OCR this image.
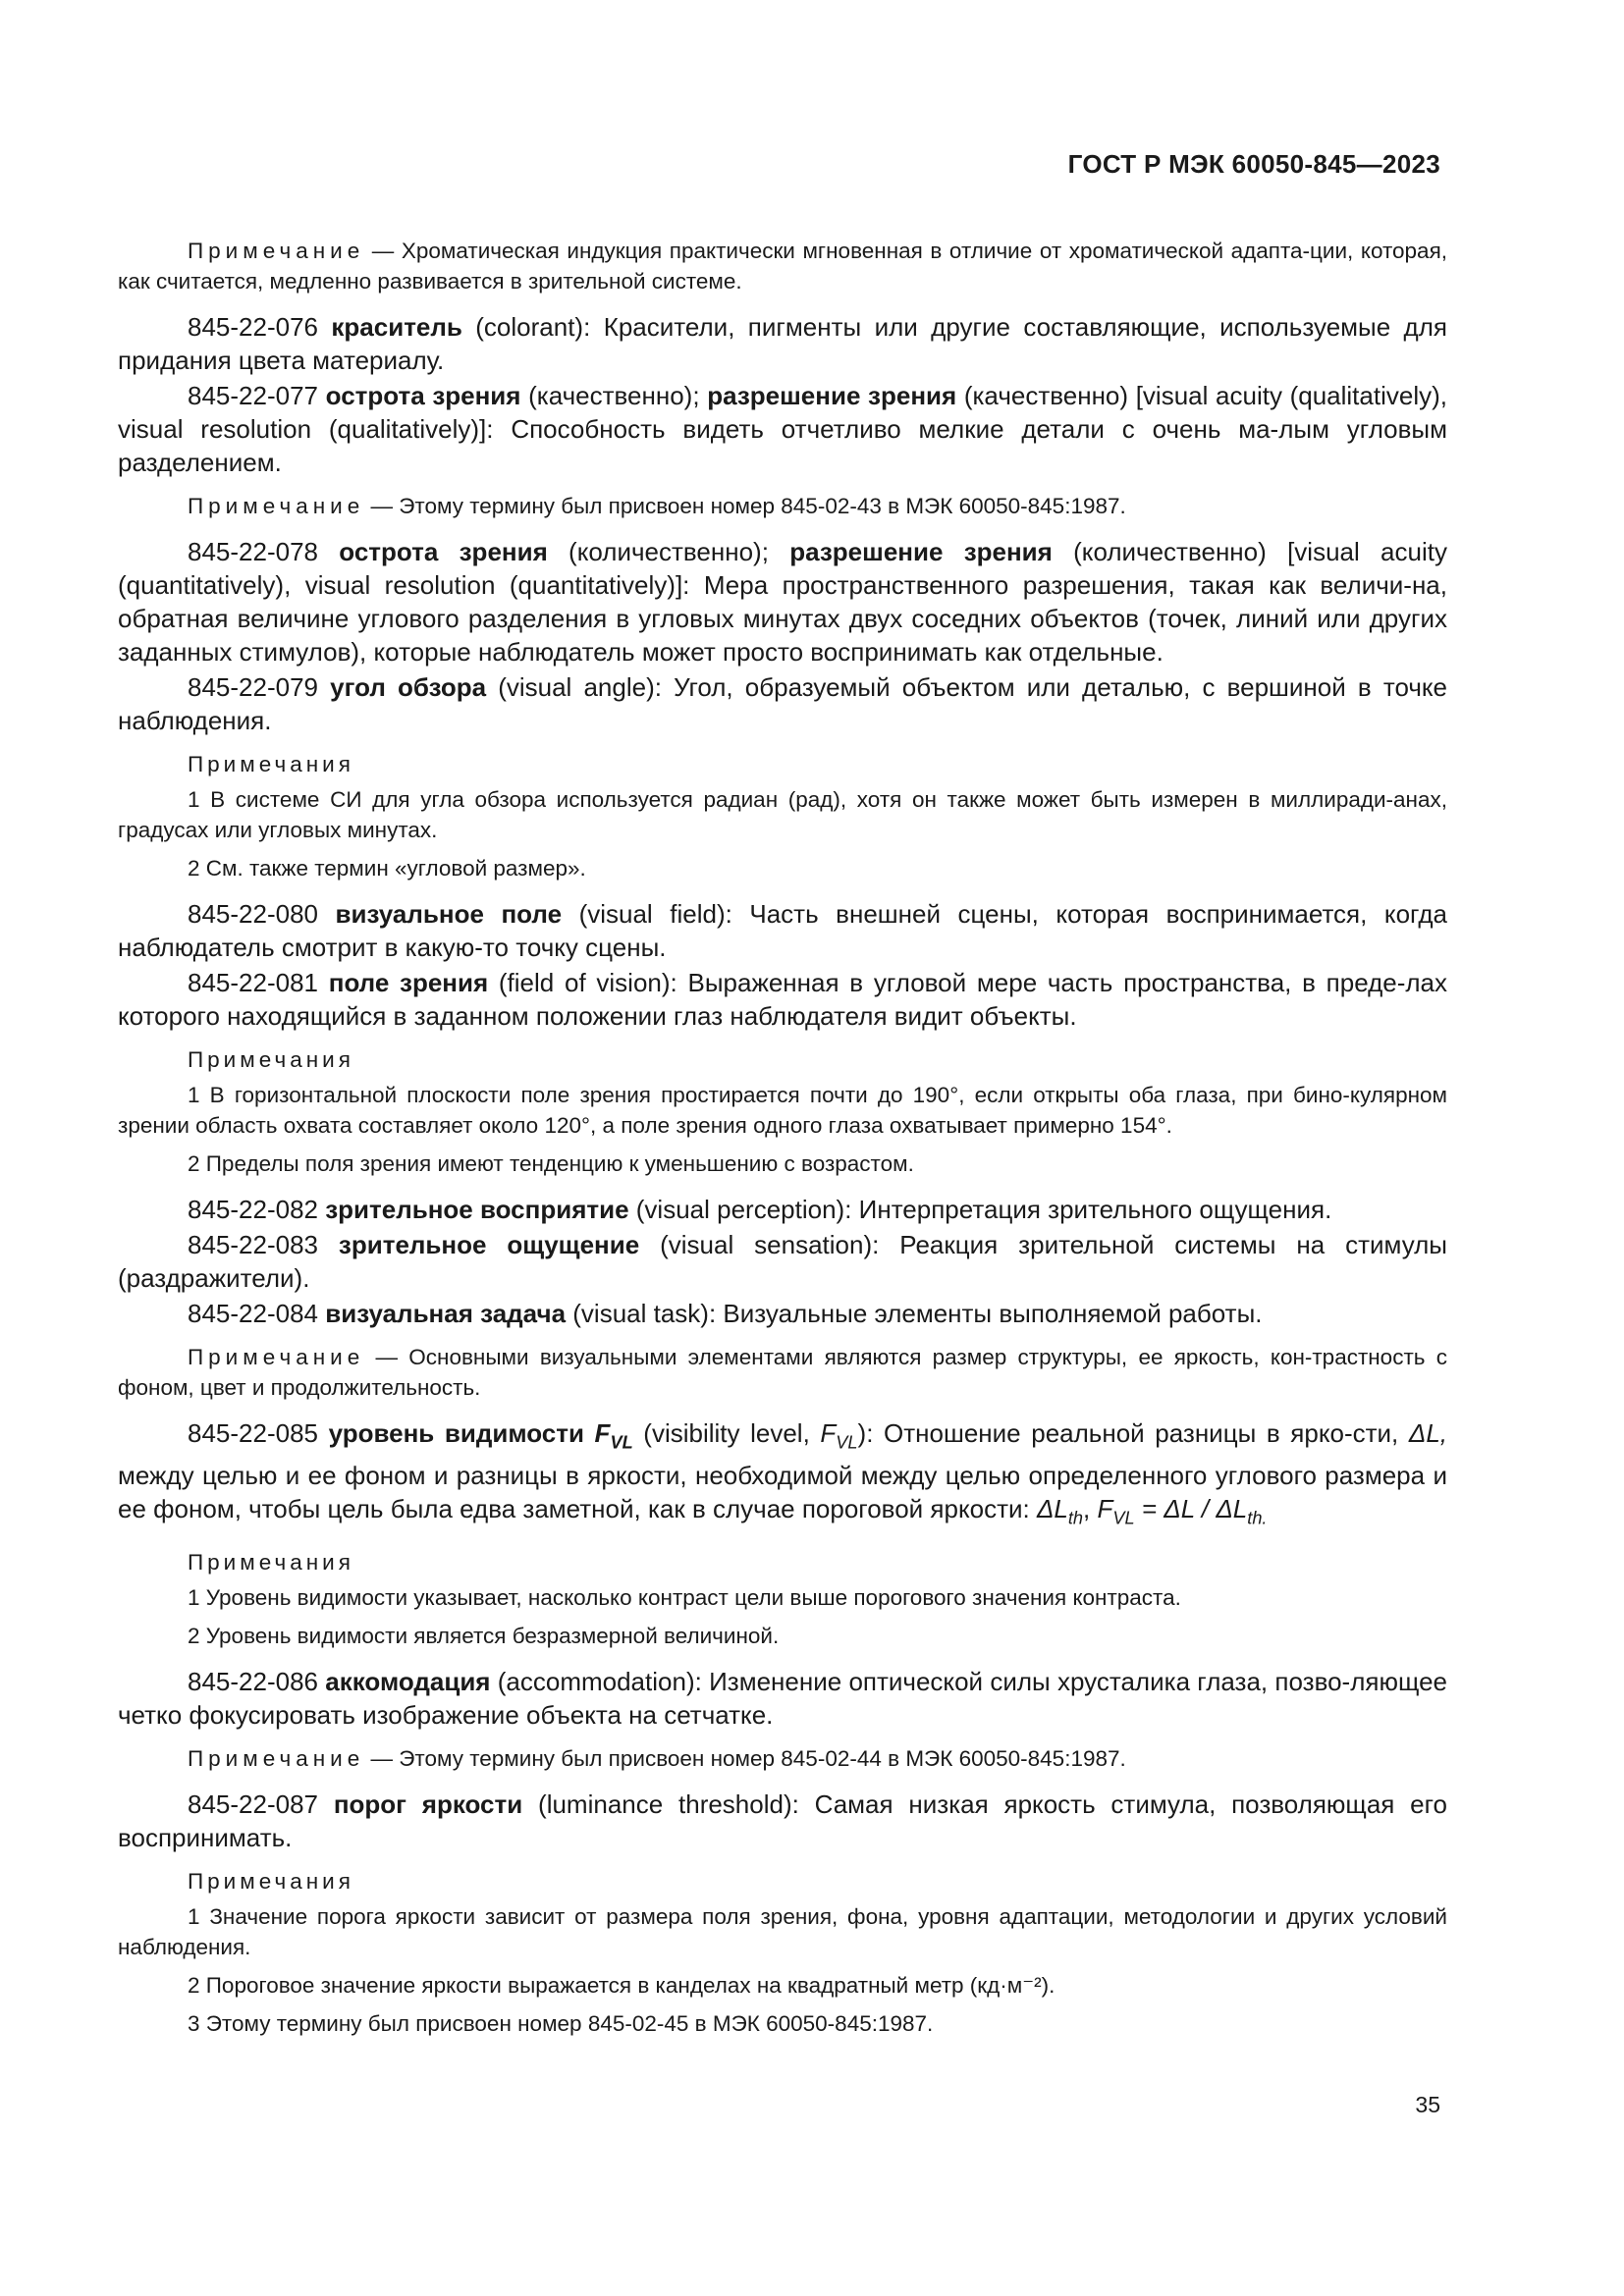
ГОСТ Р МЭК 60050-845—2023

Примечание — Хроматическая индукция практически мгновенная в отличие от хроматической адапта-ции, которая, как считается, медленно развивается в зрительной системе.

845-22-076 краситель (colorant): Красители, пигменты или другие составляющие, используемые для придания цвета материалу.

845-22-077 острота зрения (качественно); разрешение зрения (качественно) [visual acuity (qualitatively), visual resolution (qualitatively)]: Способность видеть отчетливо мелкие детали с очень ма-лым угловым разделением.

Примечание — Этому термину был присвоен номер 845-02-43 в МЭК 60050-845:1987.

845-22-078 острота зрения (количественно); разрешение зрения (количественно) [visual acuity (quantitatively), visual resolution (quantitatively)]: Мера пространственного разрешения, такая как величи-на, обратная величине углового разделения в угловых минутах двух соседних объектов (точек, линий или других заданных стимулов), которые наблюдатель может просто воспринимать как отдельные.

845-22-079 угол обзора (visual angle): Угол, образуемый объектом или деталью, с вершиной в точке наблюдения.

Примечания

1 В системе СИ для угла обзора используется радиан (рад), хотя он также может быть измерен в миллиради-анах, градусах или угловых минутах.

2 См. также термин «угловой размер».

845-22-080 визуальное поле (visual field): Часть внешней сцены, которая воспринимается, когда наблюдатель смотрит в какую-то точку сцены.

845-22-081 поле зрения (field of vision): Выраженная в угловой мере часть пространства, в преде-лах которого находящийся в заданном положении глаз наблюдателя видит объекты.

Примечания

1 В горизонтальной плоскости поле зрения простирается почти до 190°, если открыты оба глаза, при бино-кулярном зрении область охвата составляет около 120°, а поле зрения одного глаза охватывает примерно 154°.

2 Пределы поля зрения имеют тенденцию к уменьшению с возрастом.

845-22-082 зрительное восприятие (visual perception): Интерпретация зрительного ощущения.

845-22-083 зрительное ощущение (visual sensation): Реакция зрительной системы на стимулы (раздражители).

845-22-084 визуальная задача (visual task): Визуальные элементы выполняемой работы.

Примечание — Основными визуальными элементами являются размер структуры, ее яркость, кон-трастность с фоном, цвет и продолжительность.

845-22-085 уровень видимости $F_{VL}$ (visibility level, $F_{VL}$): Отношение реальной разницы в ярко-сти, ΔL, между целью и ее фоном и разницы в яркости, необходимой между целью определенного углового размера и ее фоном, чтобы цель была едва заметной, как в случае пороговой яркости: $\Delta L_{th}$, $F_{VL} = \Delta L / \Delta L_{th.}$

Примечания

1 Уровень видимости указывает, насколько контраст цели выше порогового значения контраста.

2 Уровень видимости является безразмерной величиной.

845-22-086 аккомодация (accommodation): Изменение оптической силы хрусталика глаза, позво-ляющее четко фокусировать изображение объекта на сетчатке.

Примечание — Этому термину был присвоен номер 845-02-44 в МЭК 60050-845:1987.

845-22-087 порог яркости (luminance threshold): Самая низкая яркость стимула, позволяющая его воспринимать.

Примечания

1 Значение порога яркости зависит от размера поля зрения, фона, уровня адаптации, методологии и других условий наблюдения.

2 Пороговое значение яркости выражается в канделах на квадратный метр (кд·м⁻²).

3 Этому термину был присвоен номер 845-02-45 в МЭК 60050-845:1987.

35
